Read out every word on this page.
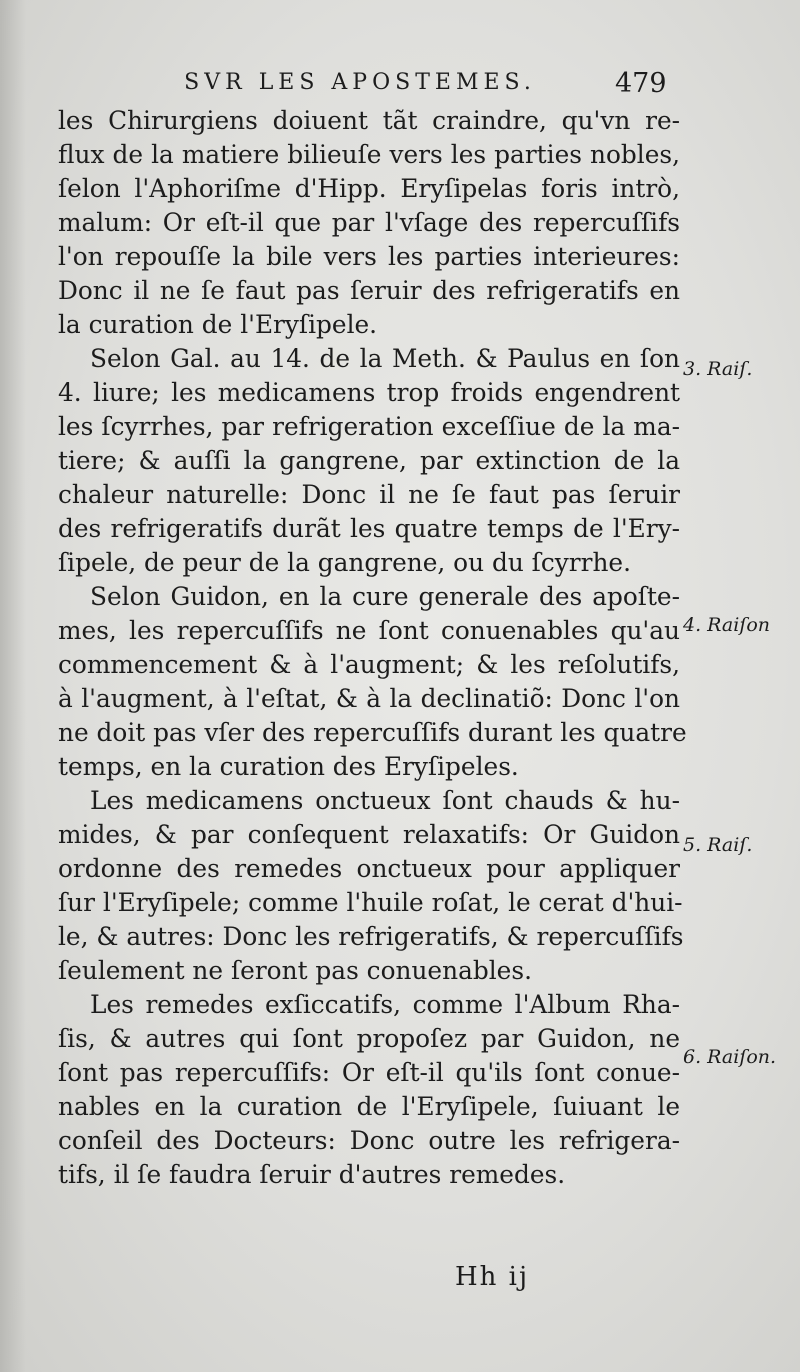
SVR LES APOSTEMES.	479
les Chirurgiens doiuent tãt craindre, qu'vn re-
flux de la matiere bilieuſe vers les parties nobles,
ſelon l'Aphoriſme d'Hipp. Eryſipelas foris intrò,
malum: Or eſt-il que par l'vſage des repercuſſifs
l'on repouſſe la bile vers les parties interieures:
Donc il ne ſe faut pas ſeruir des refrigeratifs en
la curation de l'Eryſipele.
Selon Gal. au 14. de la Meth. & Paulus en ſon
4. liure; les medicamens trop froids engendrent
les ſcyrrhes, par refrigeration exceſſiue de la ma-
tiere; & auſſi la gangrene, par extinction de la
chaleur naturelle: Donc il ne ſe faut pas ſeruir
des refrigeratifs durãt les quatre temps de l'Ery-
ſipele, de peur de la gangrene, ou du ſcyrrhe.
Selon Guidon, en la cure generale des apoſte-
mes, les repercuſſifs ne ſont conuenables qu'au
commencement & à l'augment; & les reſolutifs,
à l'augment, à l'eſtat, & à la declinatiõ: Donc l'on
ne doit pas vſer des repercuſſifs durant les quatre
temps, en la curation des Eryſipeles.
Les medicamens onctueux ſont chauds & hu-
mides, & par conſequent relaxatifs: Or Guidon
ordonne des remedes onctueux pour appliquer
ſur l'Eryſipele; comme l'huile roſat, le cerat d'hui-
le, & autres: Donc les refrigeratifs, & repercuſſifs
ſeulement ne ſeront pas conuenables.
Les remedes exſiccatifs, comme l'Album Rha-
ſis, & autres qui ſont propoſez par Guidon, ne
ſont pas repercuſſifs: Or eſt-il qu'ils ſont conue-
nables en la curation de l'Eryſipele, ſuiuant le
conſeil des Docteurs: Donc outre les refrigera-
tifs, il ſe faudra ſeruir d'autres remedes.
3. Raiſ.
4. Raiſon
5. Raiſ.
6. Raiſon.
Hh ij
